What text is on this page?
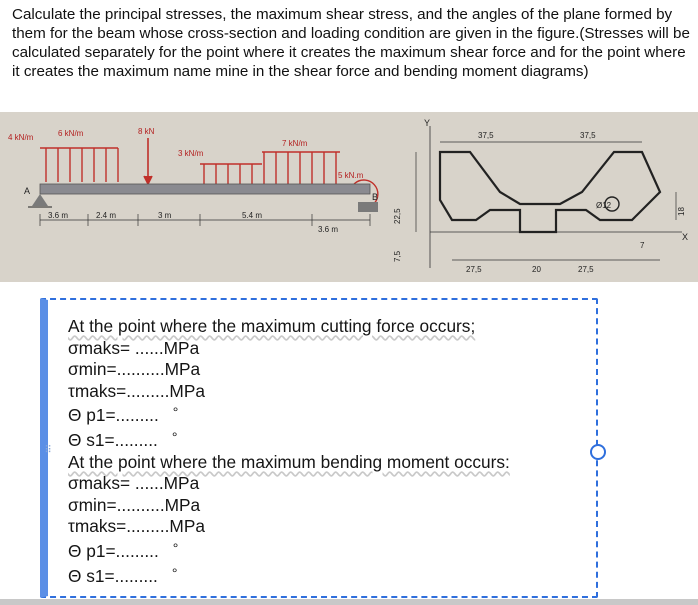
Calculate the principal stresses, the maximum shear stress, and the angles of the plane formed by them for the beam whose cross-section and loading condition are given in the figure.(Stresses will be calculated separately for the point where it creates the maximum shear force and for the point where it creates the maximum name mine in the shear force and bending moment diagrams)
4 kN/m	6 kN/m	8 kN
3 kN/m
7 kN/m
5 kN.m
A
B
3.6 m	2.4 m	3 m	5.4 m
3.6 m
Y
X
Ø12
37,5	37,5
27,5	20	27,5
7,5
22,5	18
7
At the point where the maximum cutting force occurs;
σmaks= ......MPa
σmin=..........MPa
τmaks=.........MPa
Θ p1=......... °
Θ s1=......... °
At the point where the maximum bending moment occurs:
σmaks= ......MPa
σmin=..........MPa
τmaks=.........MPa
Θ p1=......... °
Θ s1=......... °
⠿
